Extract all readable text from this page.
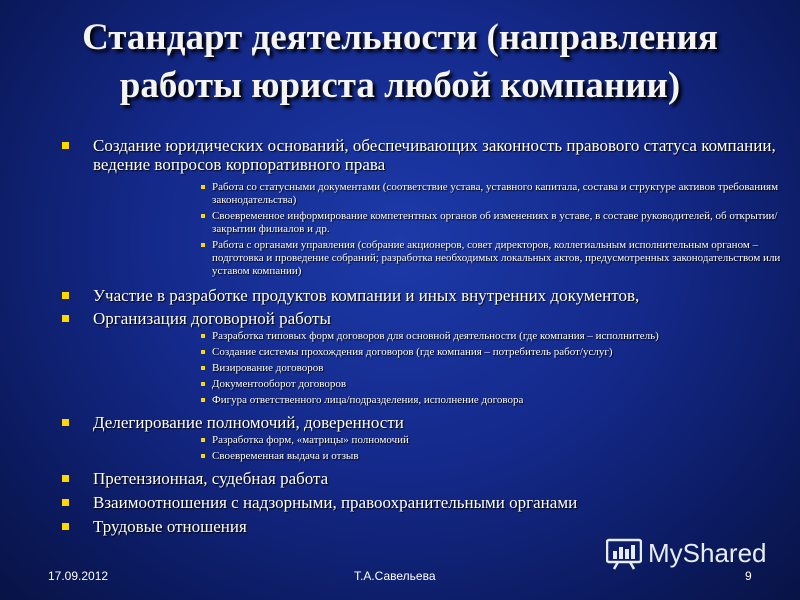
Стандарт деятельности (направления
работы юриста любой компании)
Создание юридических оснований, обеспечивающих законность правового статуса компании, ведение вопросов корпоративного права
Работа со статусными документами (соответствие устава, уставного капитала, состава и структуре активов требованиям законодательства)
Своевременное информирование компетентных органов об изменениях в уставе, в составе руководителей, об открытии/закрытии филиалов и др.
Работа с органами управления (собрание акционеров, совет директоров, коллегиальным исполнительным органом – подготовка и проведение собраний; разработка необходимых локальных актов, предусмотренных законодательством или уставом компании)
Участие в разработке продуктов компании и иных внутренних документов,
Организация договорной работы
Разработка типовых форм договоров для основной деятельности (где компания – исполнитель)
Создание системы прохождения договоров (где компания – потребитель работ/услуг)
Визирование договоров
Документооборот договоров
Фигура ответственного лица/подразделения, исполнение договора
Делегирование полномочий, доверенности
Разработка форм, «матрицы» полномочий
Своевременная выдача и отзыв
Претензионная, судебная работа
Взаимоотношения с надзорными, правоохранительными органами
Трудовые отношения
17.09.2012	Т.А.Савельева	9
MyShared
